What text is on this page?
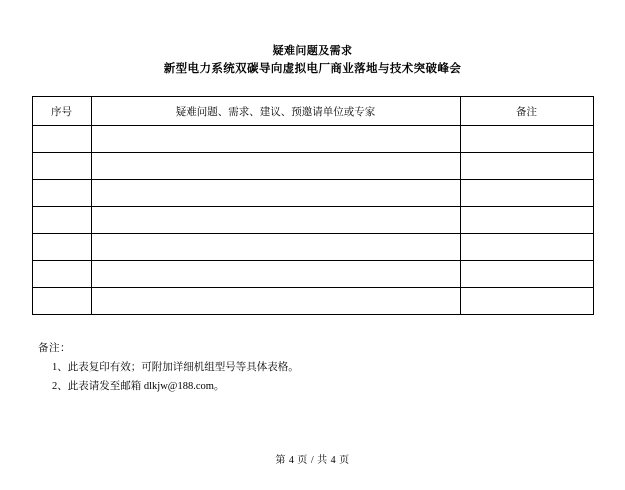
疑难问题及需求
新型电力系统双碳导向虚拟电厂商业落地与技术突破峰会
序号	疑难问题、需求、建议、预邀请单位或专家	备注

备注：
1、此表复印有效；可附加详细机组型号等具体表格。
2、此表请发至邮箱 dlkjw@188.com。
第 4 页 / 共 4 页
